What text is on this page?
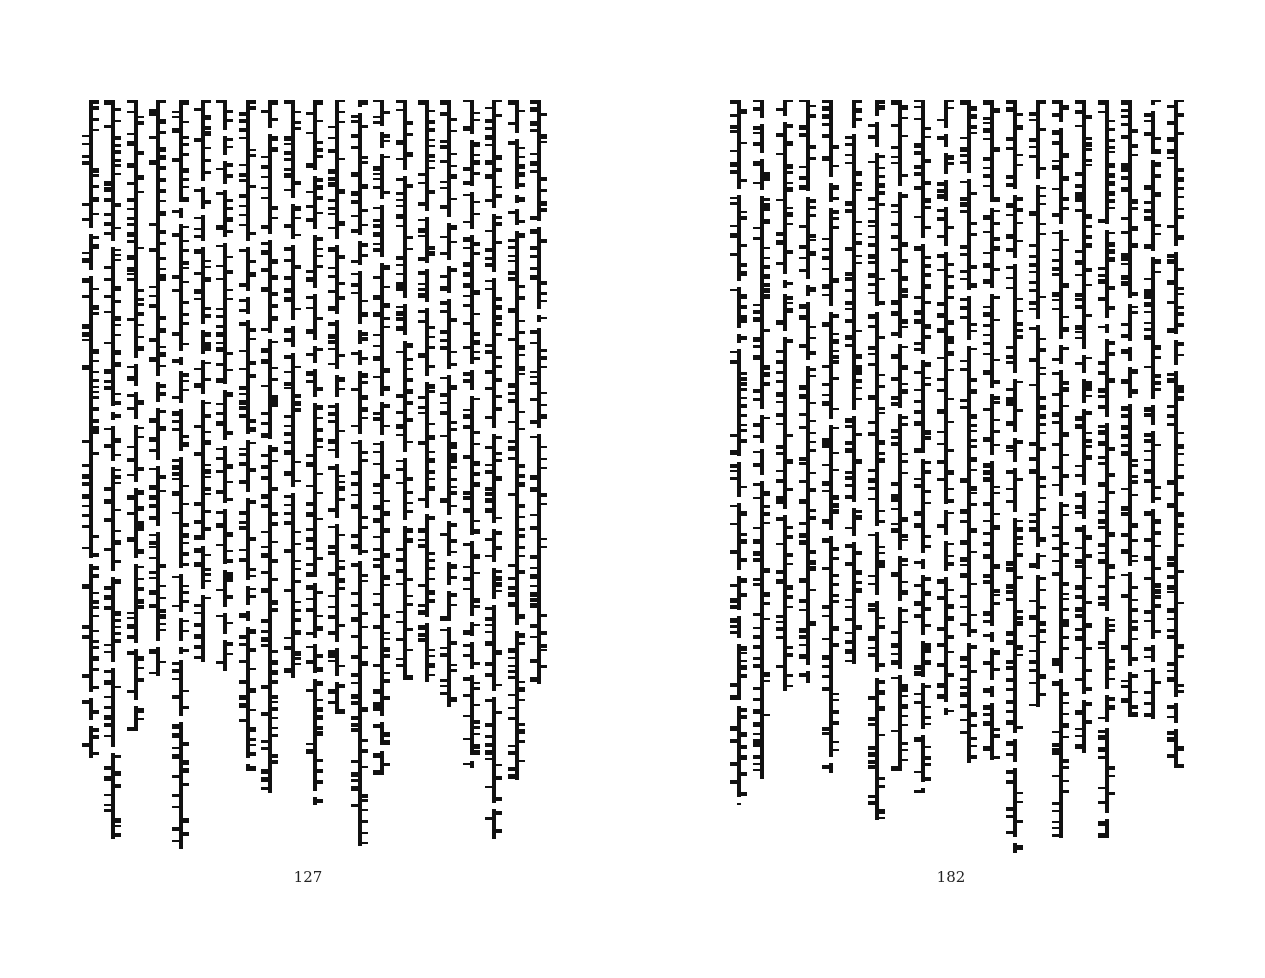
127	182
